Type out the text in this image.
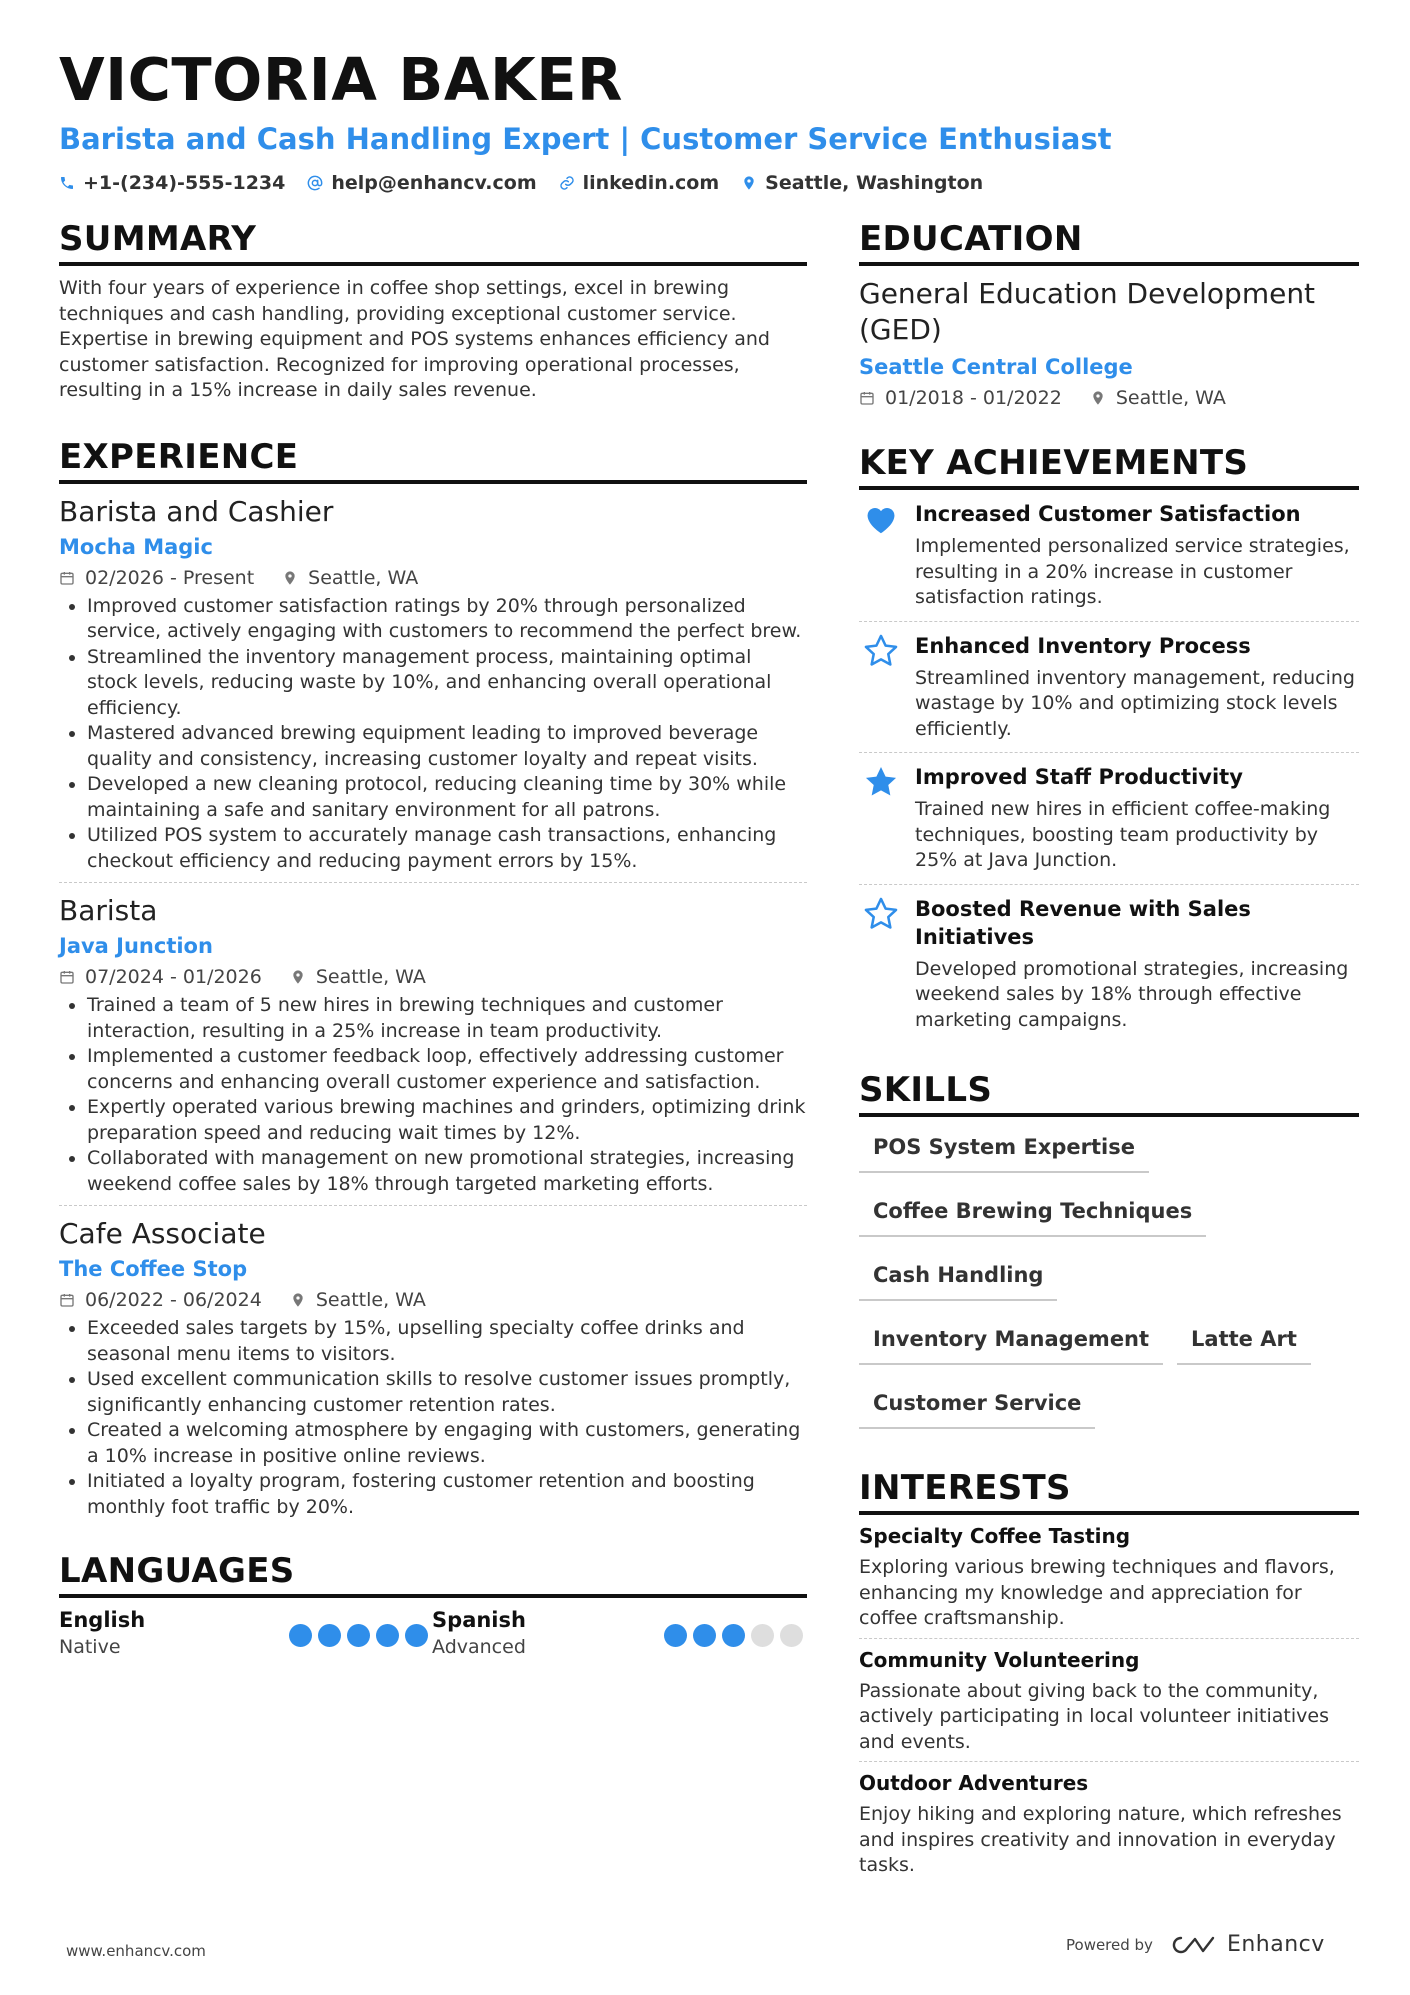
VICTORIA BAKER
Barista and Cash Handling Expert | Customer Service Enthusiast
+1-(234)-555-1234 help@enhancv.com linkedin.com Seattle, Washington
SUMMARY
With four years of experience in coffee shop settings, excel in brewing techniques and cash handling, providing exceptional customer service. Expertise in brewing equipment and POS systems enhances efficiency and customer satisfaction. Recognized for improving operational processes, resulting in a 15% increase in daily sales revenue.
EXPERIENCE
Barista and Cashier
Mocha Magic
02/2026 - Present	Seattle, WA
Improved customer satisfaction ratings by 20% through personalized service, actively engaging with customers to recommend the perfect brew.
Streamlined the inventory management process, maintaining optimal stock levels, reducing waste by 10%, and enhancing overall operational efficiency.
Mastered advanced brewing equipment leading to improved beverage quality and consistency, increasing customer loyalty and repeat visits.
Developed a new cleaning protocol, reducing cleaning time by 30% while maintaining a safe and sanitary environment for all patrons.
Utilized POS system to accurately manage cash transactions, enhancing checkout efficiency and reducing payment errors by 15%.
Barista
Java Junction
07/2024 - 01/2026	Seattle, WA
Trained a team of 5 new hires in brewing techniques and customer interaction, resulting in a 25% increase in team productivity.
Implemented a customer feedback loop, effectively addressing customer concerns and enhancing overall customer experience and satisfaction.
Expertly operated various brewing machines and grinders, optimizing drink preparation speed and reducing wait times by 12%.
Collaborated with management on new promotional strategies, increasing weekend coffee sales by 18% through targeted marketing efforts.
Cafe Associate
The Coffee Stop
06/2022 - 06/2024	Seattle, WA
Exceeded sales targets by 15%, upselling specialty coffee drinks and seasonal menu items to visitors.
Used excellent communication skills to resolve customer issues promptly, significantly enhancing customer retention rates.
Created a welcoming atmosphere by engaging with customers, generating a 10% increase in positive online reviews.
Initiated a loyalty program, fostering customer retention and boosting monthly foot traffic by 20%.
LANGUAGES
English
Native
Spanish
Advanced
EDUCATION
General Education Development (GED)
Seattle Central College
01/2018 - 01/2022	Seattle, WA
KEY ACHIEVEMENTS
Increased Customer Satisfaction
Implemented personalized service strategies, resulting in a 20% increase in customer satisfaction ratings.
Enhanced Inventory Process
Streamlined inventory management, reducing wastage by 10% and optimizing stock levels efficiently.
Improved Staff Productivity
Trained new hires in efficient coffee-making techniques, boosting team productivity by 25% at Java Junction.
Boosted Revenue with Sales Initiatives
Developed promotional strategies, increasing weekend sales by 18% through effective marketing campaigns.
SKILLS
POS System Expertise
Coffee Brewing Techniques
Cash Handling
Inventory Management	Latte Art
Customer Service
INTERESTS
Specialty Coffee Tasting
Exploring various brewing techniques and flavors, enhancing my knowledge and appreciation for coffee craftsmanship.
Community Volunteering
Passionate about giving back to the community, actively participating in local volunteer initiatives and events.
Outdoor Adventures
Enjoy hiking and exploring nature, which refreshes and inspires creativity and innovation in everyday tasks.
www.enhancv.com	Powered by	Enhancv
